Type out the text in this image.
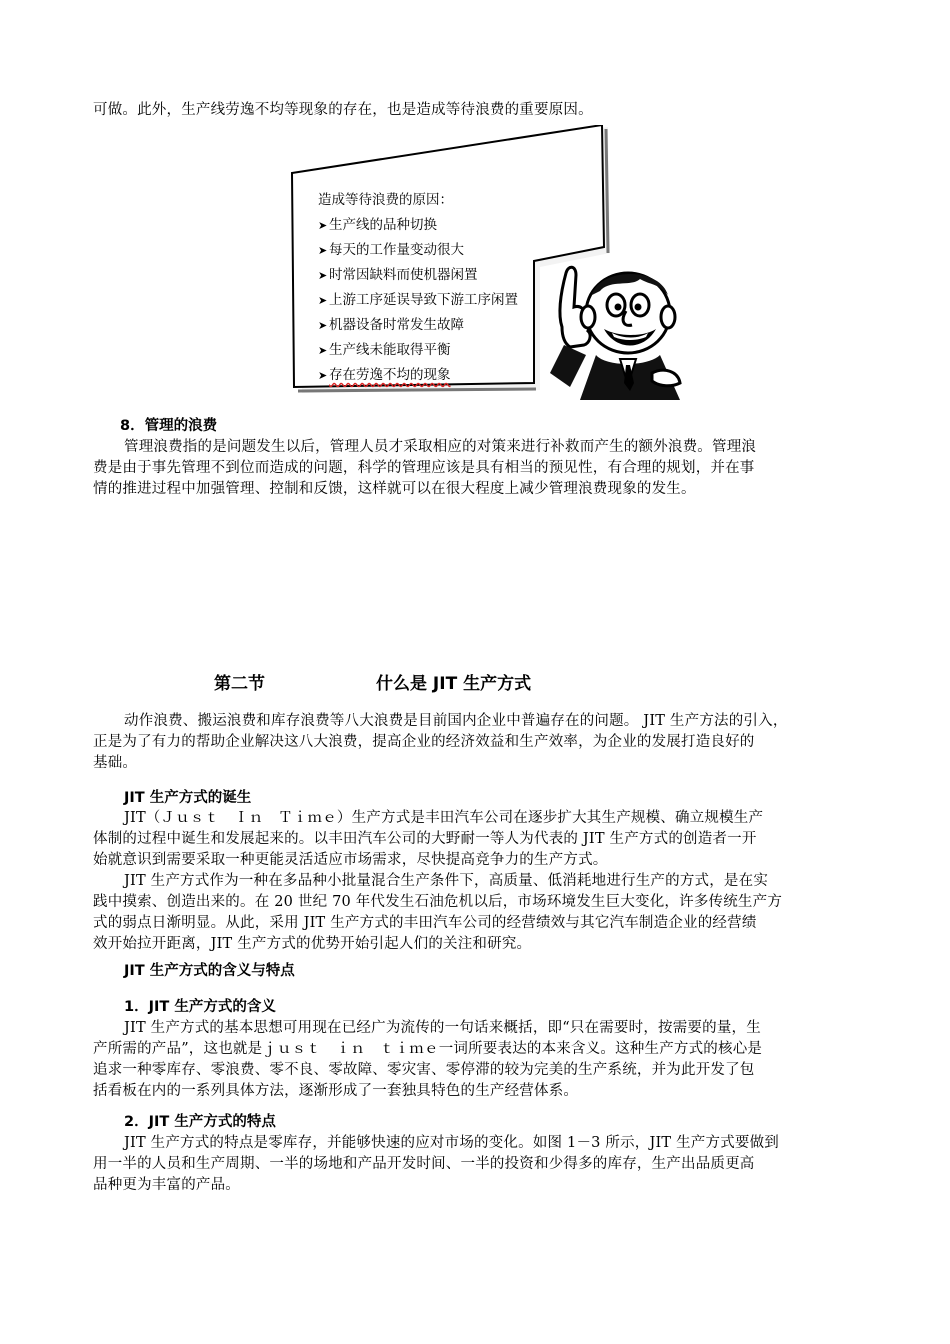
可做。此外，生产线劳逸不均等现象的存在，也是造成等待浪费的重要原因。
造成等待浪费的原因：
➤ 生产线的品种切换
➤ 每天的工作量变动很大
➤ 时常因缺料而使机器闲置
➤ 上游工序延误导致下游工序闲置
➤ 机器设备时常发生故障
➤ 生产线未能取得平衡
➤ 存在劳逸不均的现象
8．管理的浪费
管理浪费指的是问题发生以后，管理人员才采取相应的对策来进行补救而产生的额外浪费。管理浪
费是由于事先管理不到位而造成的问题，科学的管理应该是具有相当的预见性，有合理的规划，并在事
情的推进过程中加强管理、控制和反馈，这样就可以在很大程度上减少管理浪费现象的发生。
第二节	什么是 JIT 生产方式
动作浪费、搬运浪费和库存浪费等八大浪费是目前国内企业中普遍存在的问题。 JIT 生产方法的引入，
正是为了有力的帮助企业解决这八大浪费，提高企业的经济效益和生产效率，为企业的发展打造良好的
基础。
JIT 生产方式的诞生
JIT（Ｊｕｓｔ　Ｉｎ　Ｔｉｍｅ）生产方式是丰田汽车公司在逐步扩大其生产规模、确立规模生产
体制的过程中诞生和发展起来的。以丰田汽车公司的大野耐一等人为代表的 JIT 生产方式的创造者一开
始就意识到需要采取一种更能灵活适应市场需求，尽快提高竞争力的生产方式。
JIT 生产方式作为一种在多品种小批量混合生产条件下，高质量、低消耗地进行生产的方式，是在实
践中摸索、创造出来的。在 20 世纪 70 年代发生石油危机以后，市场环境发生巨大变化，许多传统生产方
式的弱点日渐明显。从此，采用 JIT 生产方式的丰田汽车公司的经营绩效与其它汽车制造企业的经营绩
效开始拉开距离，JIT 生产方式的优势开始引起人们的关注和研究。
JIT 生产方式的含义与特点
1．JIT 生产方式的含义
JIT 生产方式的基本思想可用现在已经广为流传的一句话来概括，即“只在需要时，按需要的量，生
产所需的产品”，这也就是ｊｕｓｔ　ｉｎ　ｔｉｍｅ一词所要表达的本来含义。这种生产方式的核心是
追求一种零库存、零浪费、零不良、零故障、零灾害、零停滞的较为完美的生产系统，并为此开发了包
括看板在内的一系列具体方法，逐渐形成了一套独具特色的生产经营体系。
2．JIT 生产方式的特点
JIT 生产方式的特点是零库存，并能够快速的应对市场的变化。如图 1－3 所示，JIT 生产方式要做到
用一半的人员和生产周期、一半的场地和产品开发时间、一半的投资和少得多的库存，生产出品质更高
品种更为丰富的产品。
